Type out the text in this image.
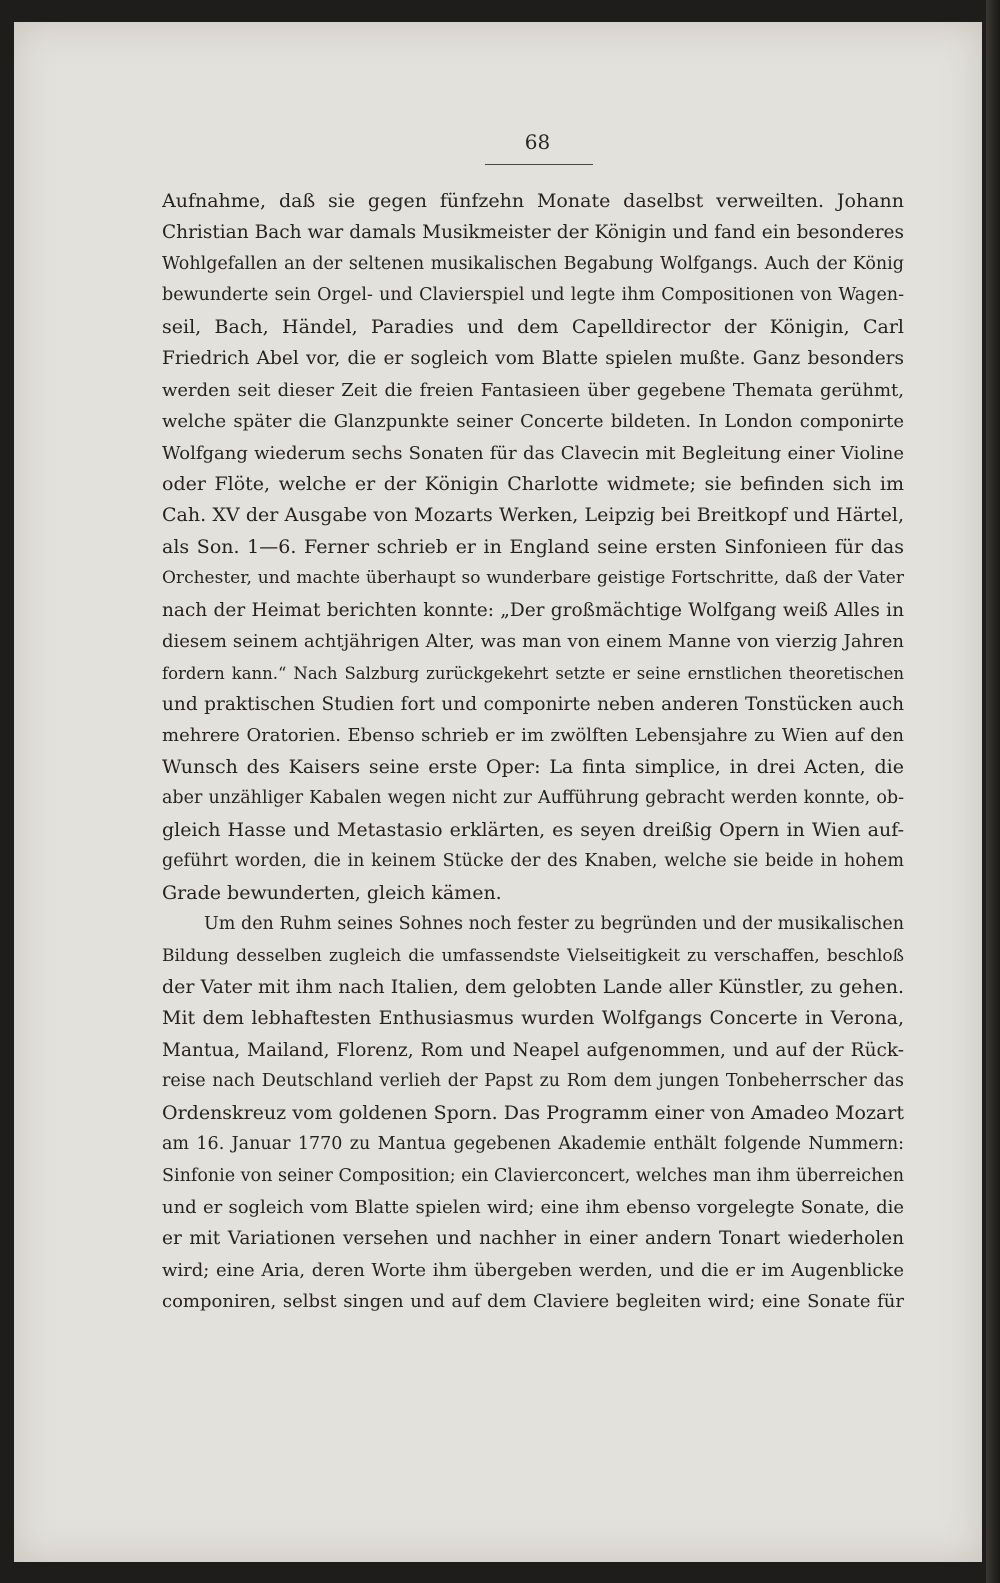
68
Aufnahme, daß sie gegen fünfzehn Monate daselbst verweilten. Johann
Christian Bach war damals Musikmeister der Königin und fand ein besonderes
Wohlgefallen an der seltenen musikalischen Begabung Wolfgangs. Auch der König
bewunderte sein Orgel- und Clavierspiel und legte ihm Compositionen von Wagen-
seil, Bach, Händel, Paradies und dem Capelldirector der Königin, Carl
Friedrich Abel vor, die er sogleich vom Blatte spielen mußte. Ganz besonders
werden seit dieser Zeit die freien Fantasieen über gegebene Themata gerühmt,
welche später die Glanzpunkte seiner Concerte bildeten. In London componirte
Wolfgang wiederum sechs Sonaten für das Clavecin mit Begleitung einer Violine
oder Flöte, welche er der Königin Charlotte widmete; sie befinden sich im
Cah. XV der Ausgabe von Mozarts Werken, Leipzig bei Breitkopf und Härtel,
als Son. 1—6. Ferner schrieb er in England seine ersten Sinfonieen für das
Orchester, und machte überhaupt so wunderbare geistige Fortschritte, daß der Vater
nach der Heimat berichten konnte: „Der großmächtige Wolfgang weiß Alles in
diesem seinem achtjährigen Alter, was man von einem Manne von vierzig Jahren
fordern kann.“ Nach Salzburg zurückgekehrt setzte er seine ernstlichen theoretischen
und praktischen Studien fort und componirte neben anderen Tonstücken auch
mehrere Oratorien. Ebenso schrieb er im zwölften Lebensjahre zu Wien auf den
Wunsch des Kaisers seine erste Oper: La finta simplice, in drei Acten, die
aber unzähliger Kabalen wegen nicht zur Aufführung gebracht werden konnte, ob-
gleich Hasse und Metastasio erklärten, es seyen dreißig Opern in Wien auf-
geführt worden, die in keinem Stücke der des Knaben, welche sie beide in hohem
Grade bewunderten, gleich kämen.
Um den Ruhm seines Sohnes noch fester zu begründen und der musikalischen
Bildung desselben zugleich die umfassendste Vielseitigkeit zu verschaffen, beschloß
der Vater mit ihm nach Italien, dem gelobten Lande aller Künstler, zu gehen.
Mit dem lebhaftesten Enthusiasmus wurden Wolfgangs Concerte in Verona,
Mantua, Mailand, Florenz, Rom und Neapel aufgenommen, und auf der Rück-
reise nach Deutschland verlieh der Papst zu Rom dem jungen Tonbeherrscher das
Ordenskreuz vom goldenen Sporn. Das Programm einer von Amadeo Mozart
am 16. Januar 1770 zu Mantua gegebenen Akademie enthält folgende Nummern:
Sinfonie von seiner Composition; ein Clavierconcert, welches man ihm überreichen
und er sogleich vom Blatte spielen wird; eine ihm ebenso vorgelegte Sonate, die
er mit Variationen versehen und nachher in einer andern Tonart wiederholen
wird; eine Aria, deren Worte ihm übergeben werden, und die er im Augenblicke
componiren, selbst singen und auf dem Claviere begleiten wird; eine Sonate für
